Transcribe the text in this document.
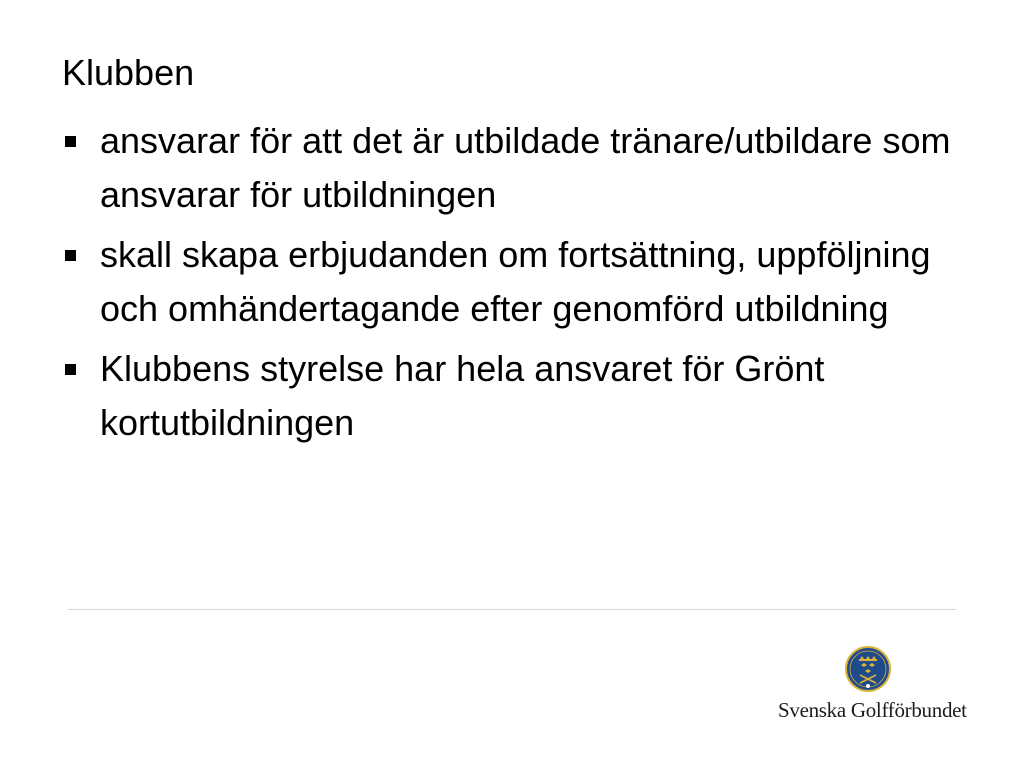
Klubben
ansvarar för att det är utbildade tränare/utbildare som ansvarar för utbildningen
skall skapa erbjudanden om fortsättning, uppföljning och omhändertagande efter genomförd utbildning
Klubbens styrelse har hela ansvaret för Grönt kortutbildningen
Svenska Golfförbundet
